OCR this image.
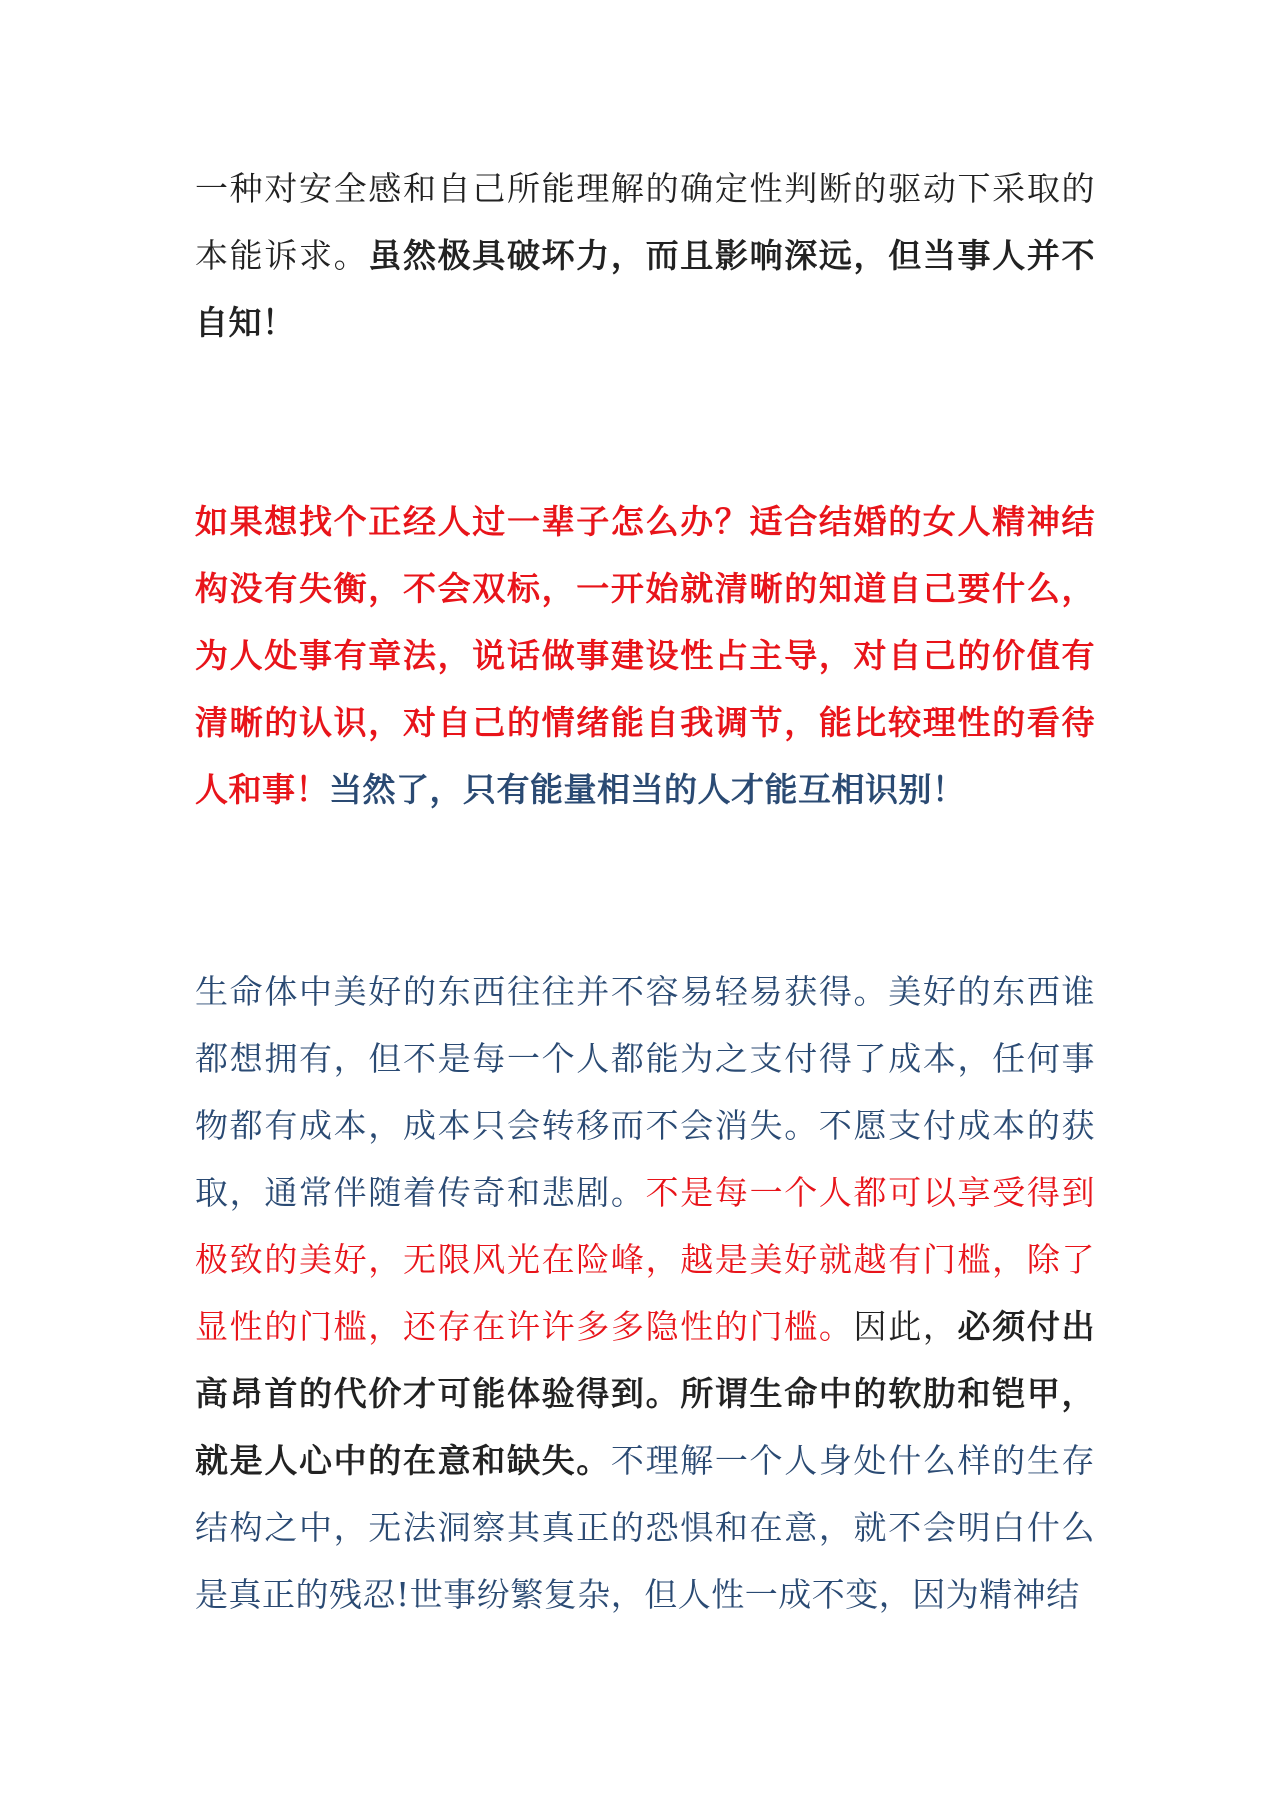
一种对安全感和自己所能理解的确定性判断的驱动下采取的本能诉求。虽然极具破坏力，而且影响深远，但当事人并不自知！

如果想找个正经人过一辈子怎么办？适合结婚的女人精神结构没有失衡，不会双标，一开始就清晰的知道自己要什么，为人处事有章法，说话做事建设性占主导，对自己的价值有清晰的认识，对自己的情绪能自我调节，能比较理性的看待人和事！当然了，只有能量相当的人才能互相识别！

生命体中美好的东西往往并不容易轻易获得。美好的东西谁都想拥有，但不是每一个人都能为之支付得了成本，任何事物都有成本，成本只会转移而不会消失。不愿支付成本的获取，通常伴随着传奇和悲剧。不是每一个人都可以享受得到极致的美好，无限风光在险峰，越是美好就越有门槛，除了显性的门槛，还存在许许多多隐性的门槛。因此，必须付出高昂首的代价才可能体验得到。所谓生命中的软肋和铠甲，就是人心中的在意和缺失。不理解一个人身处什么样的生存结构之中，无法洞察其真正的恐惧和在意，就不会明白什么是真正的残忍!世事纷繁复杂，但人性一成不变，因为精神结
